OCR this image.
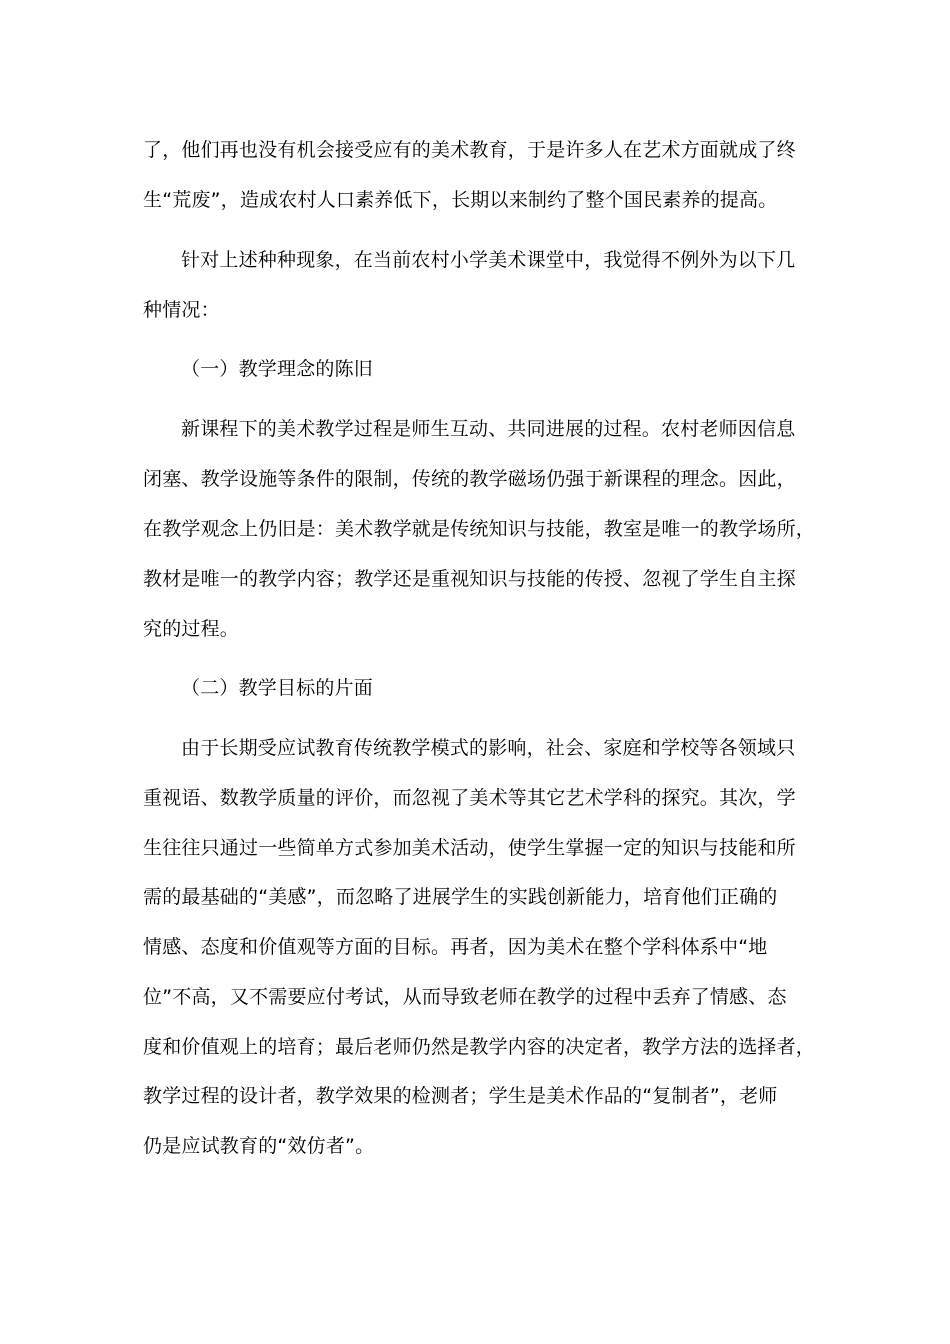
了，他们再也没有机会接受应有的美术教育，于是许多人在艺术方面就成了终
生“荒废”，造成农村人口素养低下，长期以来制约了整个国民素养的提高。
针对上述种种现象，在当前农村小学美术课堂中，我觉得不例外为以下几
种情况：
（一）教学理念的陈旧
新课程下的美术教学过程是师生互动、共同进展的过程。农村老师因信息
闭塞、教学设施等条件的限制，传统的教学磁场仍强于新课程的理念。因此，
在教学观念上仍旧是：美术教学就是传统知识与技能，教室是唯一的教学场所，
教材是唯一的教学内容；教学还是重视知识与技能的传授、忽视了学生自主探
究的过程。
（二）教学目标的片面
由于长期受应试教育传统教学模式的影响，社会、家庭和学校等各领域只
重视语、数教学质量的评价，而忽视了美术等其它艺术学科的探究。其次，学
生往往只通过一些简单方式参加美术活动，使学生掌握一定的知识与技能和所
需的最基础的“美感”，而忽略了进展学生的实践创新能力，培育他们正确的
情感、态度和价值观等方面的目标。再者，因为美术在整个学科体系中“地
位”不高，又不需要应付考试，从而导致老师在教学的过程中丢弃了情感、态
度和价值观上的培育；最后老师仍然是教学内容的决定者，教学方法的选择者，
教学过程的设计者，教学效果的检测者；学生是美术作品的“复制者”，老师
仍是应试教育的“效仿者”。
